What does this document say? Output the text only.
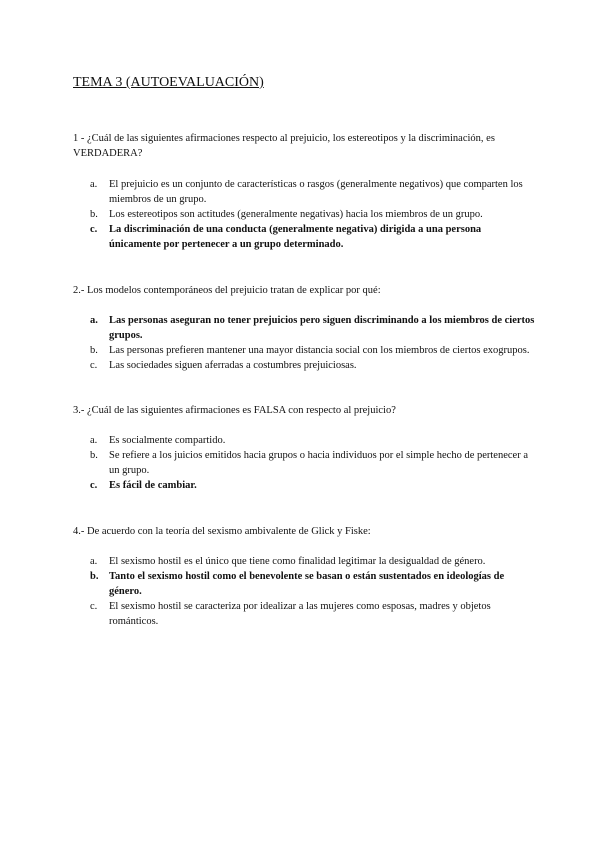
TEMA 3 (AUTOEVALUACIÓN)

1 - ¿Cuál de las siguientes afirmaciones respecto al prejuicio, los estereotipos y la discriminación, es VERDADERA?

a. El prejuicio es un conjunto de características o rasgos (generalmente negativos) que comparten los miembros de un grupo.
b. Los estereotipos son actitudes (generalmente negativas) hacia los miembros de un grupo.
c. La discriminación de una conducta (generalmente negativa) dirigida a una persona únicamente por pertenecer a un grupo determinado.

2.- Los modelos contemporáneos del prejuicio tratan de explicar por qué:

a. Las personas aseguran no tener prejuicios pero siguen discriminando a los miembros de ciertos grupos.
b. Las personas prefieren mantener una mayor distancia social con los miembros de ciertos exogrupos.
c. Las sociedades siguen aferradas a costumbres prejuiciosas.

3.- ¿Cuál de las siguientes afirmaciones es FALSA con respecto al prejuicio?

a. Es socialmente compartido.
b. Se refiere a los juicios emitidos hacia grupos o hacia individuos por el simple hecho de pertenecer a un grupo.
c. Es fácil de cambiar.

4.- De acuerdo con la teoría del sexismo ambivalente de Glick y Fiske:

a. El sexismo hostil es el único que tiene como finalidad legitimar la desigualdad de género.
b. Tanto el sexismo hostil como el benevolente se basan o están sustentados en ideologías de género.
c. El sexismo hostil se caracteriza por idealizar a las mujeres como esposas, madres y objetos románticos.
